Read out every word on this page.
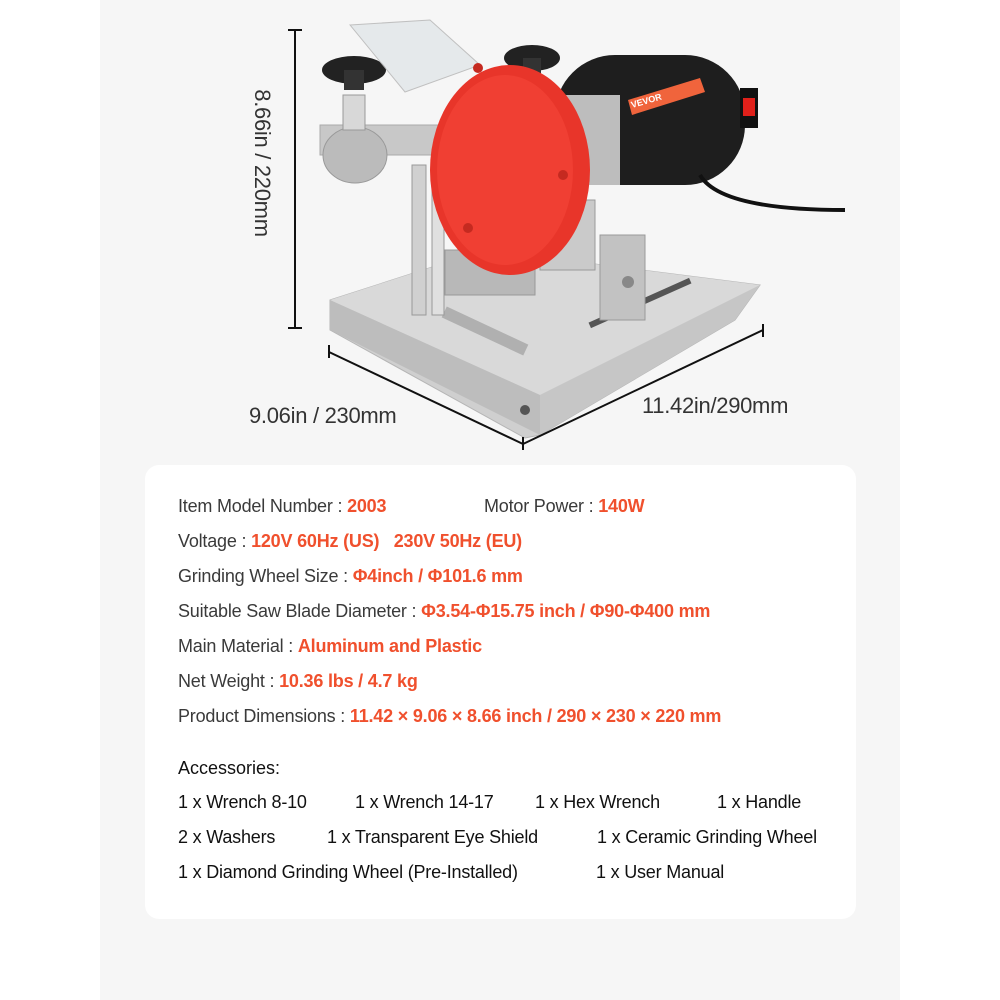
VEVOR
8.66in / 220mm
9.06in / 230mm	11.42in/290mm
Item Model Number : 2003	Motor Power : 140W
Voltage : 120V 60Hz (US)   230V 50Hz (EU)
Grinding Wheel Size : Φ4inch / Φ101.6 mm
Suitable Saw Blade Diameter : Φ3.54-Φ15.75 inch / Φ90-Φ400 mm
Main Material : Aluminum and Plastic
Net Weight : 10.36 lbs / 4.7 kg
Product Dimensions : 11.42 × 9.06 × 8.66 inch / 290 × 230 × 220 mm
Accessories:
1 x Wrench 8-10	1 x Wrench 14-17 1 x Hex Wrench	1 x Handle
2 x Washers	1 x Transparent Eye Shield	1 x Ceramic Grinding Wheel
1 x Diamond Grinding Wheel (Pre-Installed)	1 x User Manual
